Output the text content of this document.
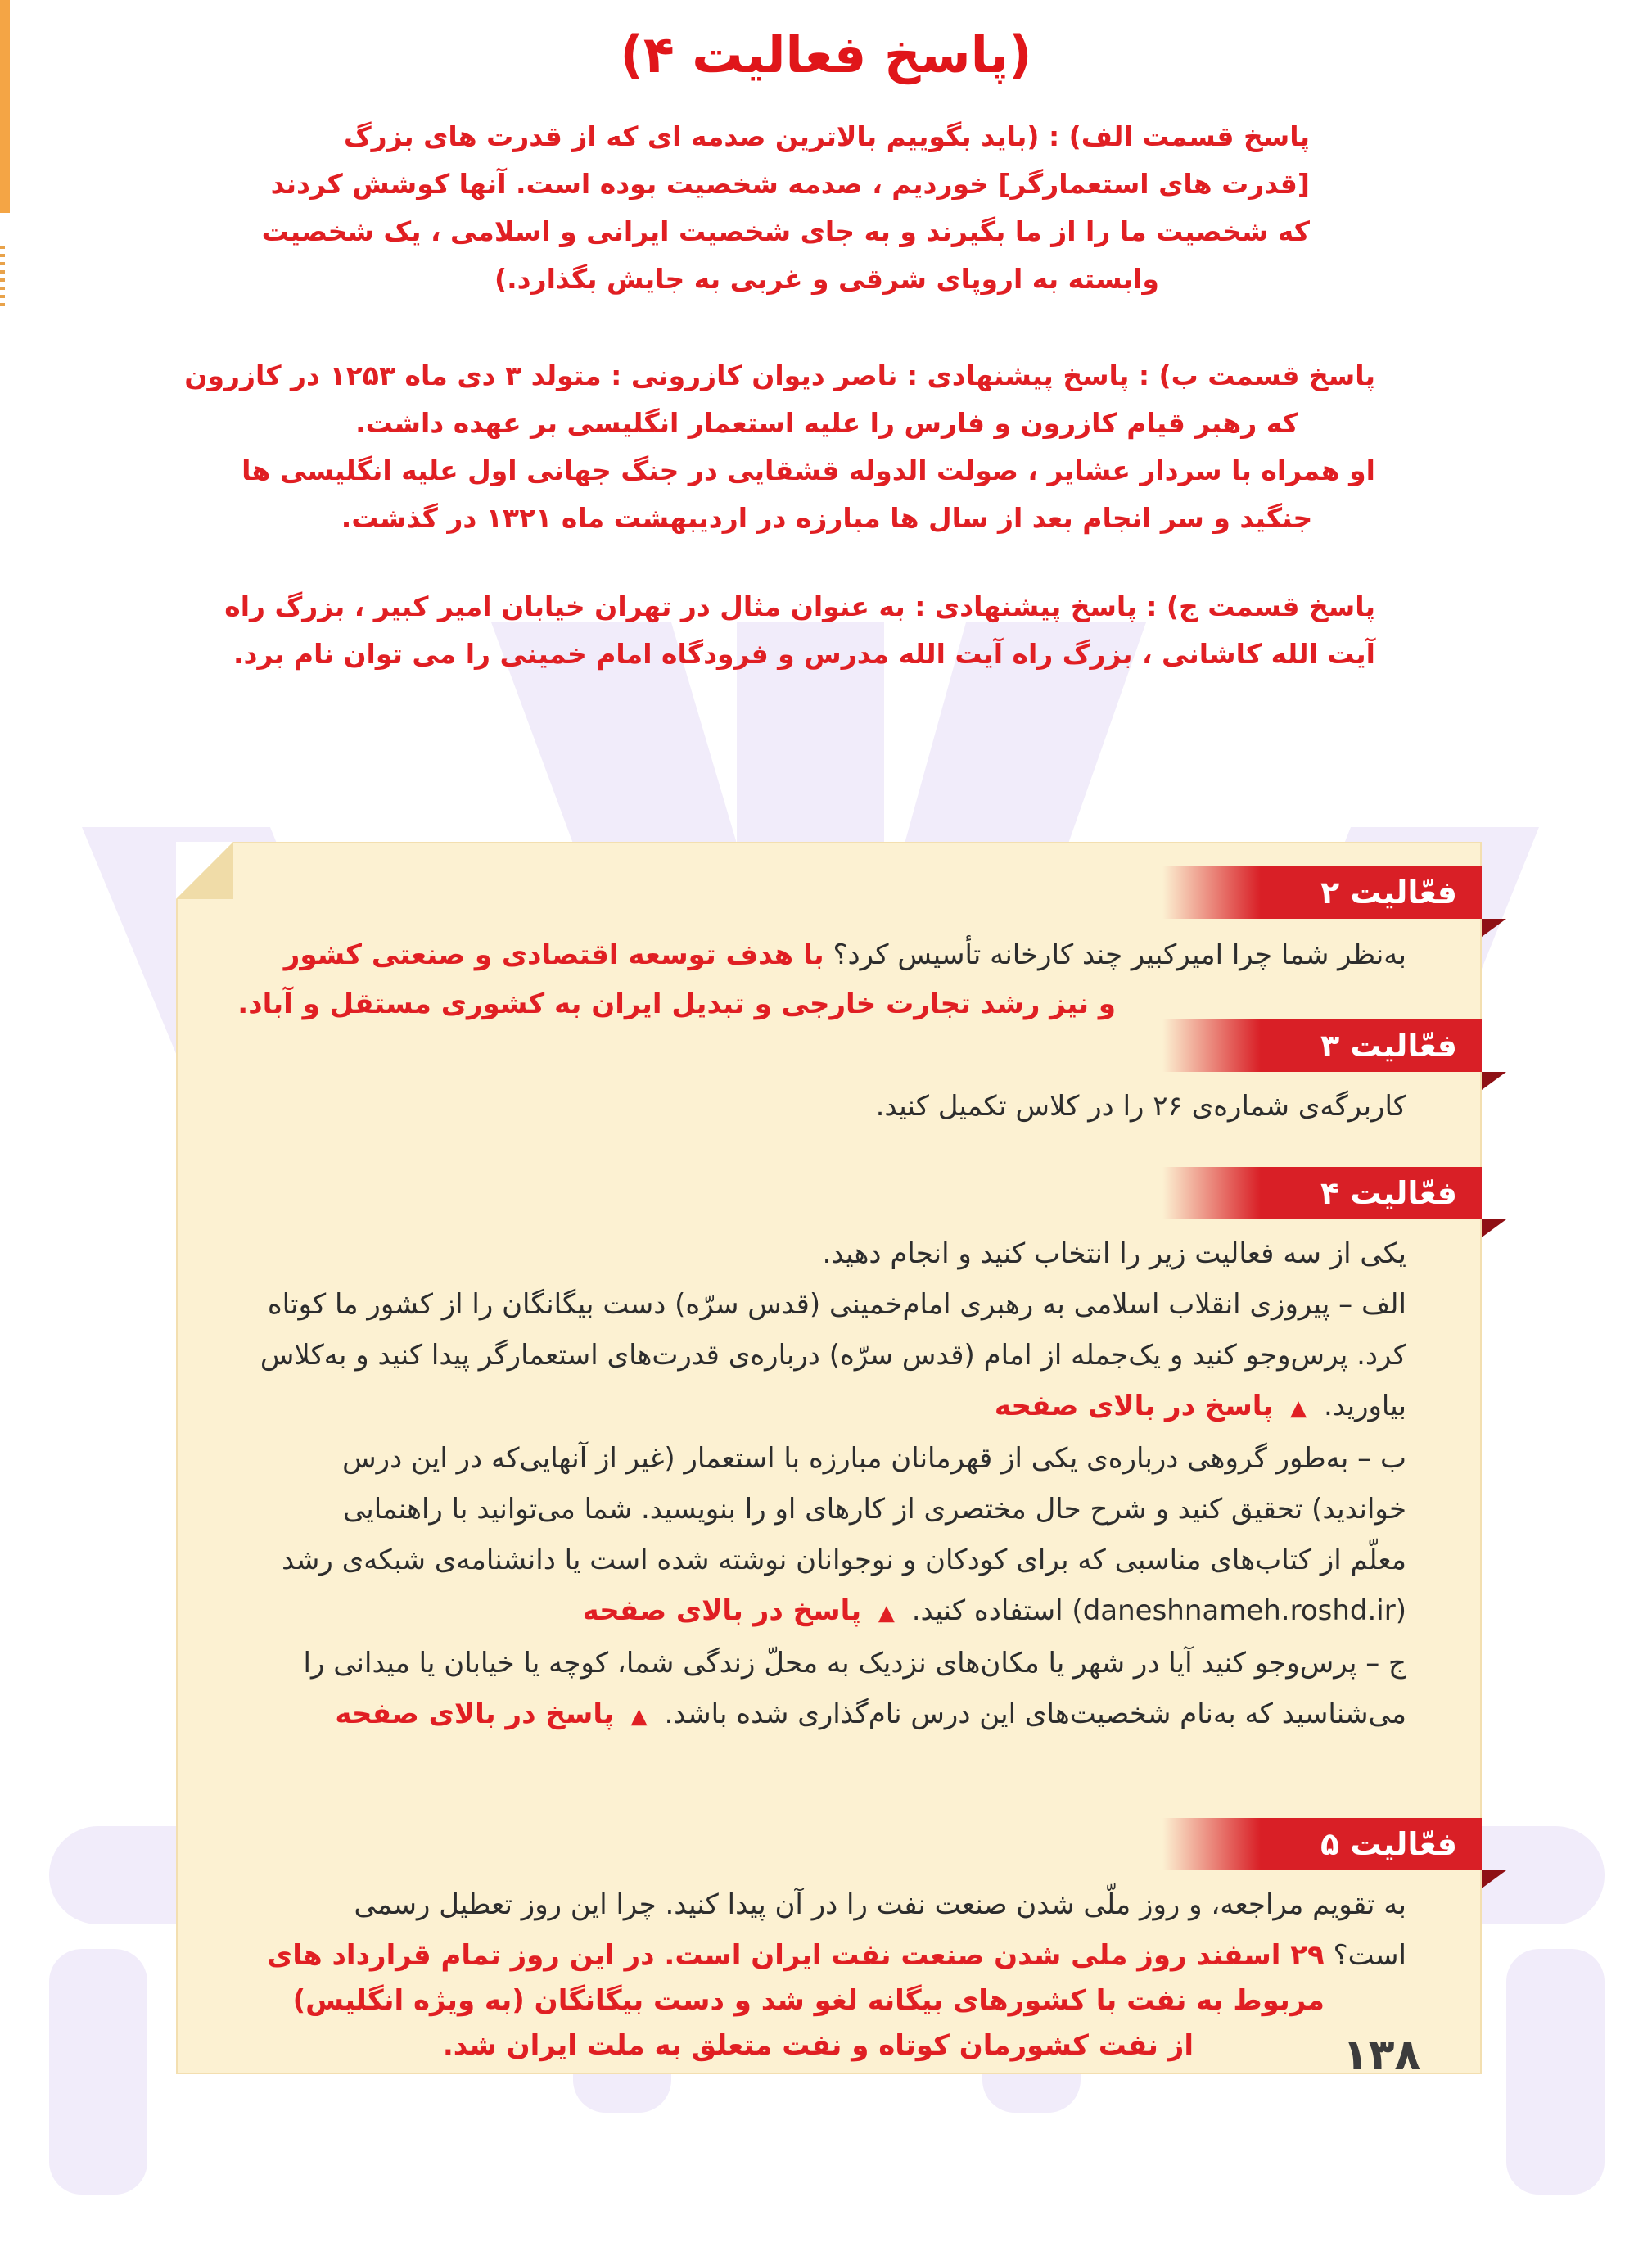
(پاسخ فعالیت ۴)
پاسخ قسمت الف) : (باید بگوییم بالاترین صدمه ای که از قدرت های بزرگ
[قدرت های استعمارگر] خوردیم ، صدمه شخصیت بوده است. آنها کوشش کردند
که شخصیت ما را از ما بگیرند و به جای شخصیت ایرانی و اسلامی ، یک شخصیت
وابسته به اروپای شرقی و غربی به جایش بگذارد.)
پاسخ قسمت ب) : پاسخ پیشنهادی : ناصر دیوان کازرونی : متولد ۳ دی ماه ۱۲۵۳ در کازرون
که رهبر قیام کازرون و فارس را علیه استعمار انگلیسی بر عهده داشت.
او همراه با سردار عشایر ، صولت الدوله قشقایی در جنگ جهانی اول علیه انگلیسی ها
جنگید و سر انجام بعد از سال ها مبارزه در اردیبهشت ماه ۱۳۲۱ در گذشت.
پاسخ قسمت ج) : پاسخ پیشنهادی : به عنوان مثال در تهران خیابان امیر کبیر ، بزرگ راه
آیت الله کاشانی ، بزرگ راه آیت الله مدرس و فرودگاه امام خمینی را می توان نام برد.
فعّالیت ۲
به‌نظر شما چرا امیرکبیر چند کارخانه تأسیس کرد؟ با هدف توسعه اقتصادی و صنعتی کشور
و نیز رشد تجارت خارجی و تبدیل ایران به کشوری مستقل و آباد.
فعّالیت ۳
کاربرگه‌ی شماره‌ی ۲۶ را در کلاس تکمیل کنید.
فعّالیت ۴
یکی از سه فعالیت زیر را انتخاب کنید و انجام دهید.
الف – پیروزی انقلاب اسلامی به رهبری امام‌خمینی (قدس سرّه) دست بیگانگان را از کشور ما کوتاه
کرد. پرس‌وجو کنید و یک‌جمله از امام (قدس سرّه) درباره‌ی قدرت‌های استعمارگر پیدا کنید و به‌کلاس
بیاورید. ▲ پاسخ در بالای صفحه
ب – به‌طور گروهی درباره‌ی یکی از قهرمانان مبارزه با استعمار (غیر از آنهایی‌که در این درس
خواندید) تحقیق کنید و شرح حال مختصری از کارهای او را بنویسید. شما می‌توانید با راهنمایی
معلّم از کتاب‌های مناسبی که برای کودکان و نوجوانان نوشته شده است یا دانشنامه‌ی شبکه‌ی رشد
(daneshnameh.roshd.ir) استفاده کنید. ▲ پاسخ در بالای صفحه
ج – پرس‌وجو کنید آیا در شهر یا مکان‌های نزدیک به محلّ زندگی شما، کوچه یا خیابان یا میدانی را
می‌شناسید که به‌نام شخصیت‌های این درس نام‌گذاری شده باشد. ▲ پاسخ در بالای صفحه
فعّالیت ۵
به تقویم مراجعه، و روز ملّی شدن صنعت نفت را در آن پیدا کنید. چرا این روز تعطیل رسمی
است؟ ۲۹ اسفند روز ملی شدن صنعت نفت ایران است. در این روز تمام قرارداد های
مربوط به نفت با کشورهای بیگانه لغو شد و دست بیگانگان (به ویژه انگلیس)
از نفت کشورمان کوتاه و نفت متعلق به ملت ایران شد.	۱۳۸
